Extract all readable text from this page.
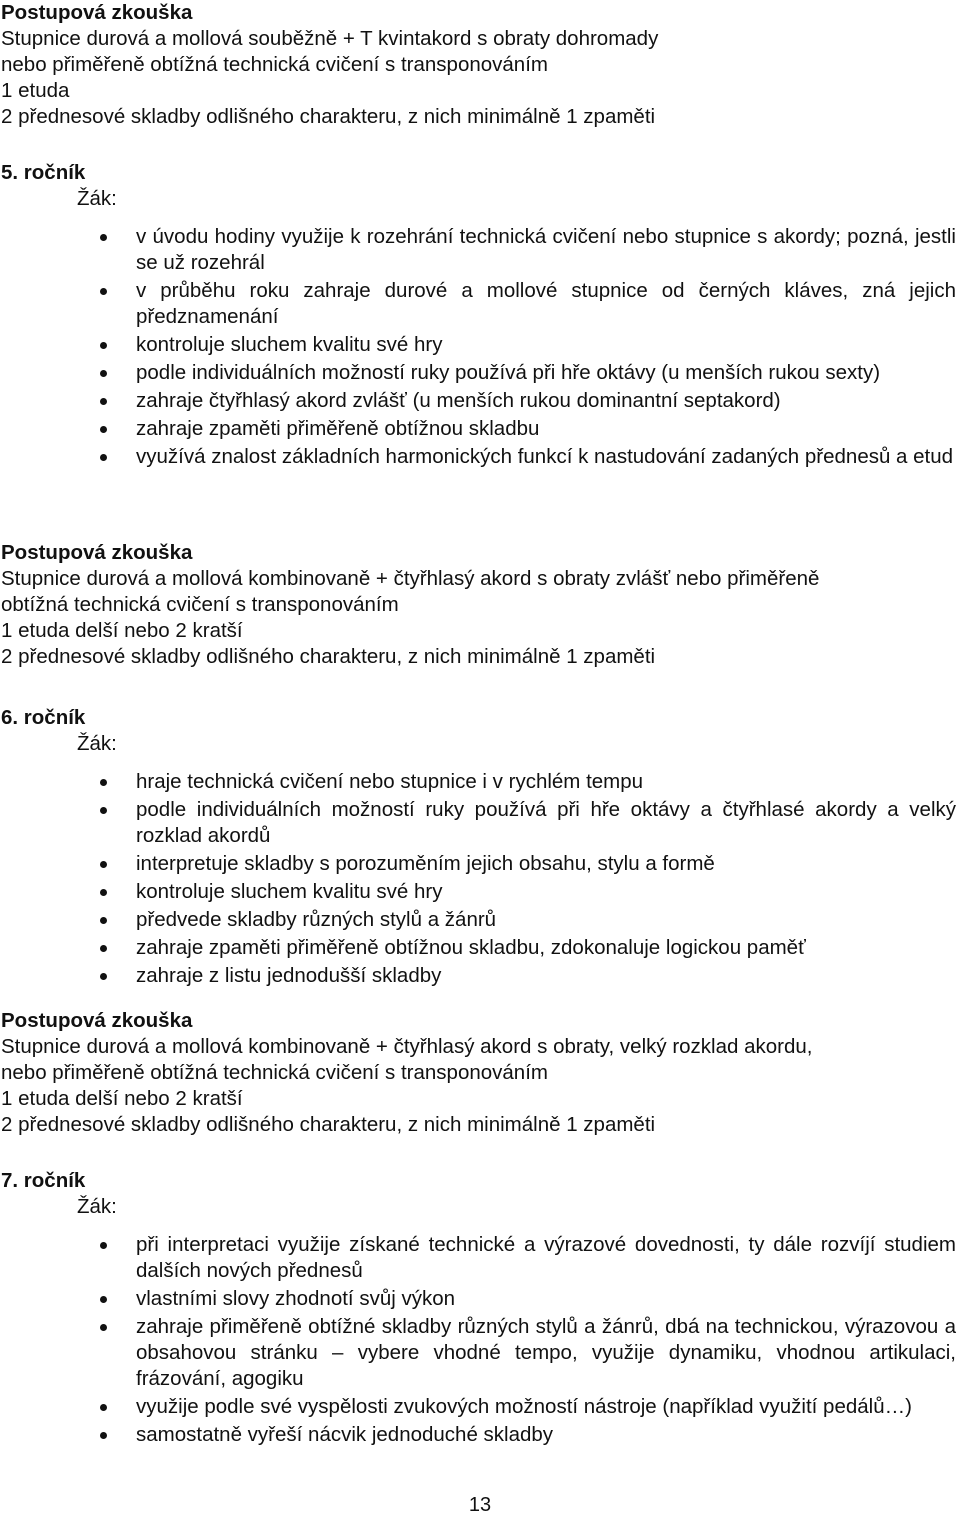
Postupová zkouška
Stupnice durová a mollová souběžně + T kvintakord s obraty dohromady
nebo přiměřeně obtížná technická cvičení s transponováním
1 etuda
2 přednesové skladby odlišného charakteru, z nich minimálně 1 zpaměti
5. ročník
Žák:
v úvodu hodiny využije k rozehrání technická cvičení nebo stupnice s akordy; pozná, jestli se už rozehrál
v průběhu roku zahraje durové a mollové stupnice od černých kláves, zná jejich předznamenání
kontroluje sluchem kvalitu své hry
podle individuálních možností ruky používá při hře oktávy (u menších rukou sexty)
zahraje čtyřhlasý akord zvlášť (u menších rukou dominantní septakord)
zahraje zpaměti přiměřeně obtížnou skladbu
využívá znalost základních harmonických funkcí k nastudování zadaných přednesů a etud
Postupová zkouška
Stupnice durová a mollová kombinovaně + čtyřhlasý akord s obraty zvlášť nebo přiměřeně
obtížná technická cvičení s transponováním
1 etuda delší nebo 2 kratší
2 přednesové skladby odlišného charakteru, z nich minimálně 1 zpaměti
6. ročník
Žák:
hraje technická cvičení nebo stupnice i v rychlém tempu
podle individuálních možností ruky používá při hře oktávy a čtyřhlasé akordy a velký rozklad akordů
interpretuje skladby s porozuměním jejich obsahu, stylu a formě
kontroluje sluchem kvalitu své hry
předvede skladby různých stylů a žánrů
zahraje zpaměti přiměřeně obtížnou skladbu, zdokonaluje logickou paměť
zahraje z listu jednodušší skladby
Postupová zkouška
Stupnice durová a mollová kombinovaně + čtyřhlasý akord s obraty, velký rozklad akordu,
nebo přiměřeně obtížná technická cvičení s transponováním
1 etuda delší nebo 2 kratší
2 přednesové skladby odlišného charakteru, z nich minimálně 1 zpaměti
7. ročník
Žák:
při interpretaci využije získané technické a výrazové dovednosti, ty dále rozvíjí studiem dalších nových přednesů
vlastními slovy zhodnotí svůj výkon
zahraje přiměřeně obtížné skladby různých stylů a žánrů, dbá na technickou, výrazovou a obsahovou stránku – vybere vhodné tempo, využije dynamiku, vhodnou artikulaci, frázování, agogiku
využije podle své vyspělosti zvukových možností nástroje (například využití pedálů…)
samostatně vyřeší nácvik jednoduché skladby
13
